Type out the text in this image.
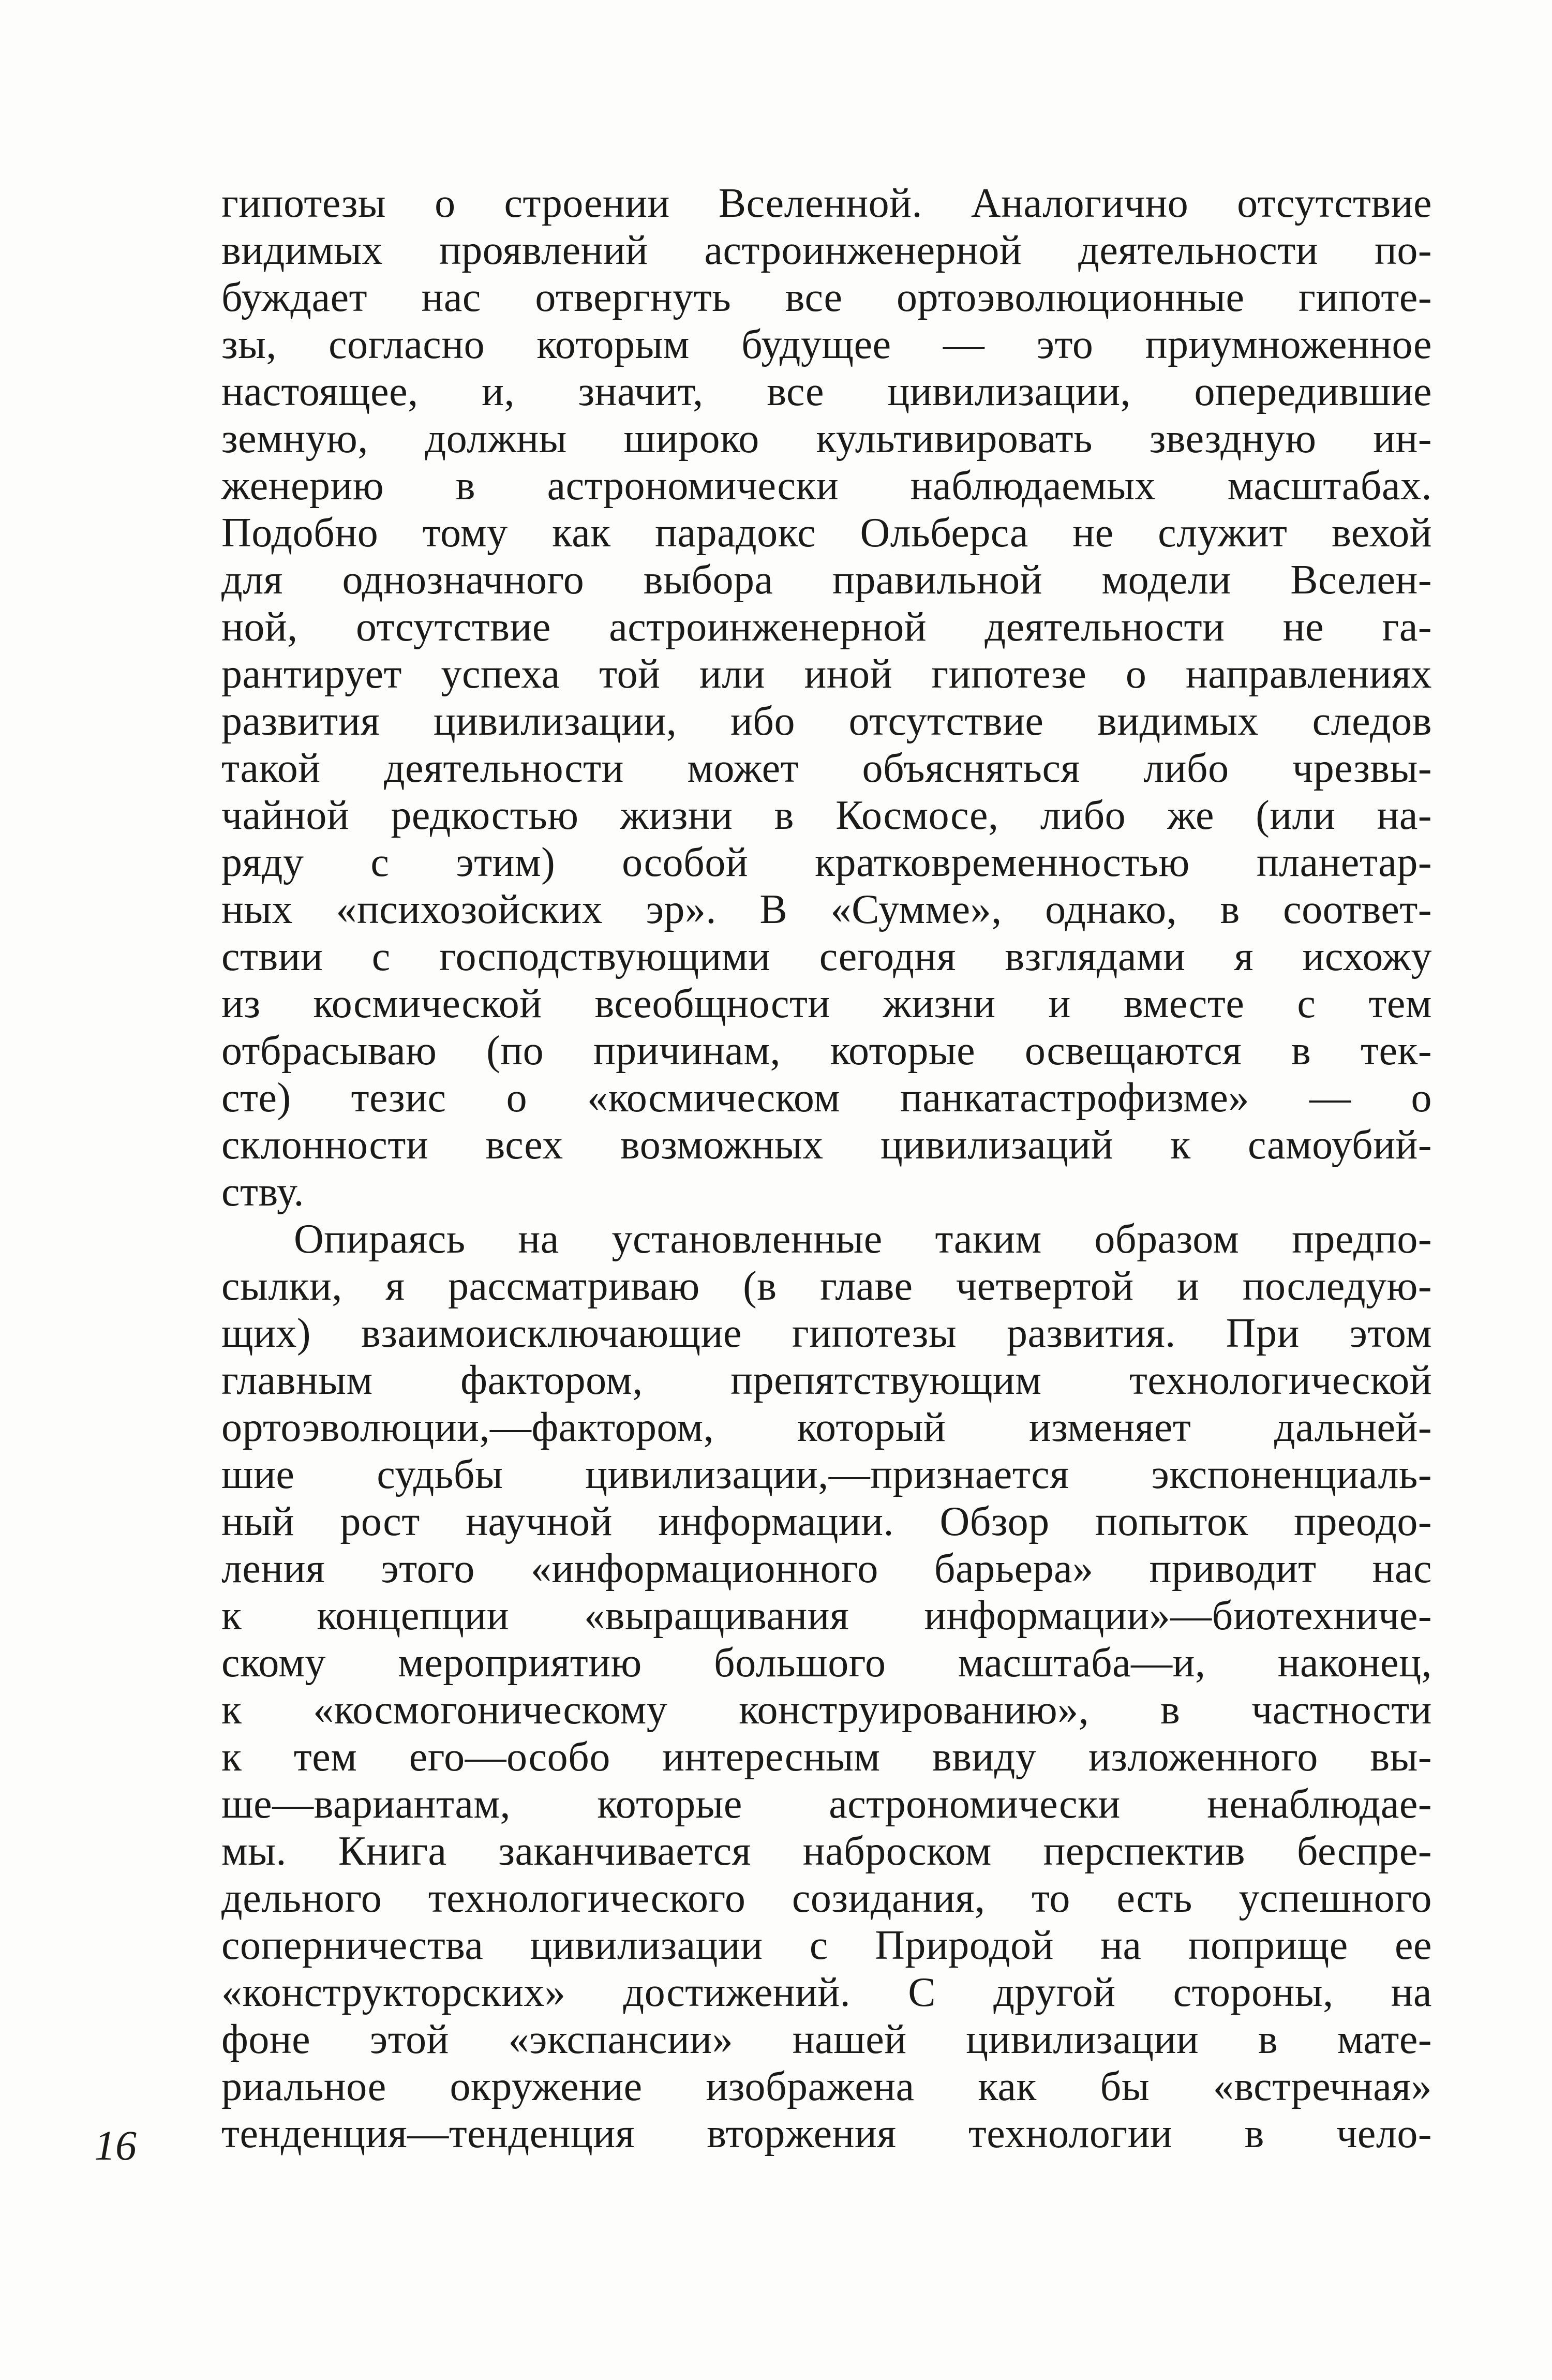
гипотезы о строении Вселенной. Аналогично отсутствие
видимых проявлений астроинженерной деятельности по-
буждает нас отвергнуть все ортоэволюционные гипоте-
зы, согласно которым будущее — это приумноженное
настоящее, и, значит, все цивилизации, опередившие
земную, должны широко культивировать звездную ин-
женерию в астрономически наблюдаемых масштабах.
Подобно тому как парадокс Ольберса не служит вехой
для однозначного выбора правильной модели Вселен-
ной, отсутствие астроинженерной деятельности не га-
рантирует успеха той или иной гипотезе о направлениях
развития цивилизации, ибо отсутствие видимых следов
такой деятельности может объясняться либо чрезвы-
чайной редкостью жизни в Космосе, либо же (или на-
ряду с этим) особой кратковременностью планетар-
ных «психозойских эр». В «Сумме», однако, в соответ-
ствии с господствующими сегодня взглядами я исхожу
из космической всеобщности жизни и вместе с тем
отбрасываю (по причинам, которые освещаются в тек-
сте) тезис о «космическом панкатастрофизме» — о
склонности всех возможных цивилизаций к самоубий-
ству.
Опираясь на установленные таким образом предпо-
сылки, я рассматриваю (в главе четвертой и последую-
щих) взаимоисключающие гипотезы развития. При этом
главным фактором, препятствующим технологической
ортоэволюции,—фактором, который изменяет дальней-
шие судьбы цивилизации,—признается экспоненциаль-
ный рост научной информации. Обзор попыток преодо-
ления этого «информационного барьера» приводит нас
к концепции «выращивания информации»—биотехниче-
скому мероприятию большого масштаба—и, наконец,
к «космогоническому конструированию», в частности
к тем его—особо интересным ввиду изложенного вы-
ше—вариантам, которые астрономически ненаблюдае-
мы. Книга заканчивается наброском перспектив беспре-
дельного технологического созидания, то есть успешного
соперничества цивилизации с Природой на поприще ее
«конструкторских» достижений. С другой стороны, на
фоне этой «экспансии» нашей цивилизации в мате-
риальное окружение изображена как бы «встречная»
тенденция—тенденция вторжения технологии в чело-
16
